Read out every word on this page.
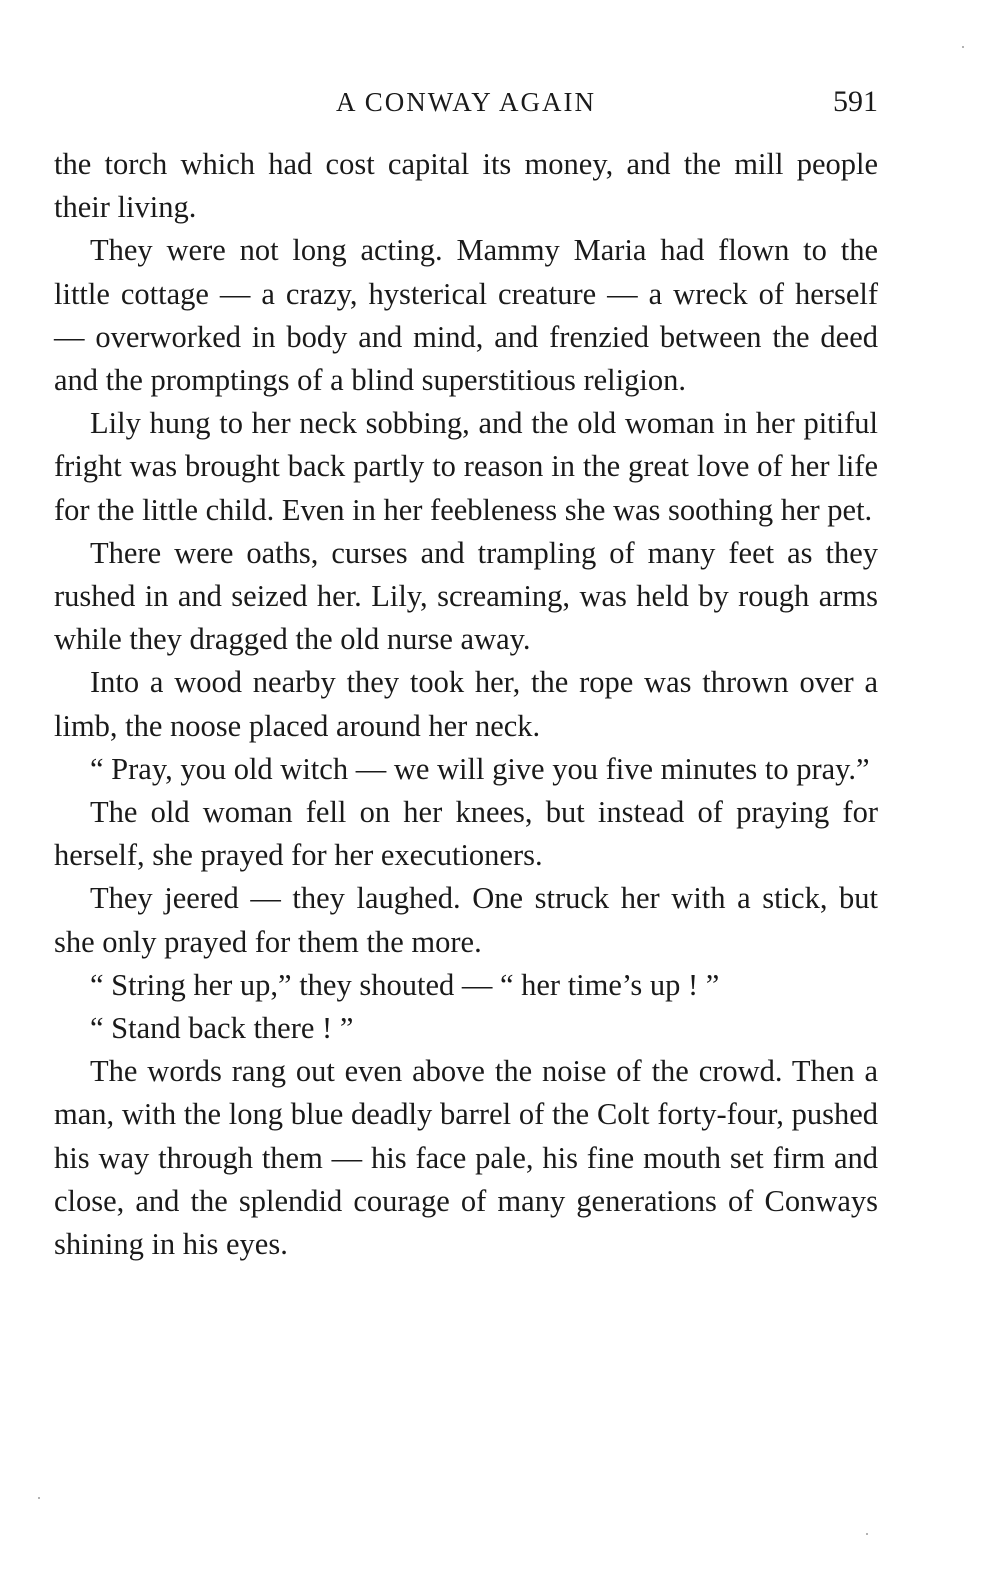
A CONWAY AGAIN	591

the torch which had cost capital its money, and the mill people their living.

They were not long acting. Mammy Maria had flown to the little cottage — a crazy, hysterical creature — a wreck of herself — overworked in body and mind, and frenzied between the deed and the promptings of a blind superstitious religion.

Lily hung to her neck sobbing, and the old woman in her pitiful fright was brought back partly to reason in the great love of her life for the little child. Even in her feebleness she was soothing her pet.

There were oaths, curses and trampling of many feet as they rushed in and seized her. Lily, screaming, was held by rough arms while they dragged the old nurse away.

Into a wood nearby they took her, the rope was thrown over a limb, the noose placed around her neck.

“ Pray, you old witch — we will give you five minutes to pray.”

The old woman fell on her knees, but instead of praying for herself, she prayed for her executioners.

They jeered — they laughed. One struck her with a stick, but she only prayed for them the more.

“ String her up,” they shouted — “ her time’s up ! ”

“ Stand back there ! ”

The words rang out even above the noise of the crowd. Then a man, with the long blue deadly barrel of the Colt forty-four, pushed his way through them — his face pale, his fine mouth set firm and close, and the splendid courage of many generations of Conways shining in his eyes.
